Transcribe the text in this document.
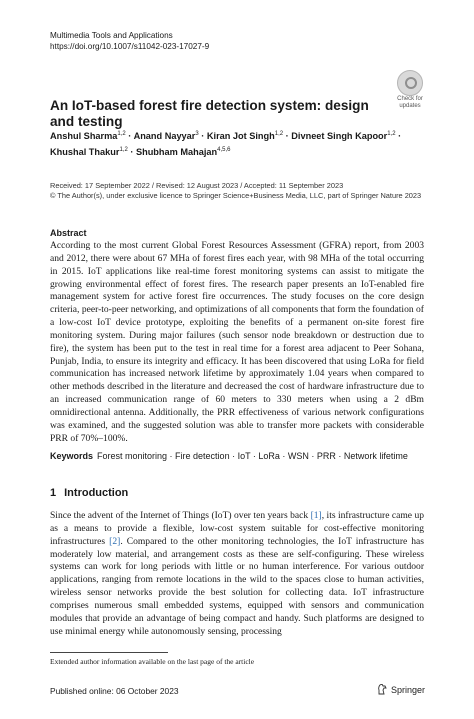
Multimedia Tools and Applications
https://doi.org/10.1007/s11042-023-17027-9
Check for
updates
An IoT-based forest fire detection system: design and testing
Anshul Sharma$^{1,2}$ · Anand Nayyar$^3$ · Kiran Jot Singh$^{1,2}$ · Divneet Singh Kapoor$^{1,2}$ ·
Khushal Thakur$^{1,2}$ · Shubham Mahajan$^{4,5,6}$
Received: 17 September 2022 / Revised: 12 August 2023 / Accepted: 11 September 2023
© The Author(s), under exclusive licence to Springer Science+Business Media, LLC, part of Springer Nature 2023
Abstract
According to the most current Global Forest Resources Assessment (GFRA) report, from 2003 and 2012, there were about 67 MHa of forest fires each year, with 98 MHa of the total occurring in 2015. IoT applications like real-time forest monitoring systems can assist to mitigate the growing environmental effect of forest fires. The research paper presents an IoT-enabled fire management system for active forest fire occurrences. The study focuses on the core design criteria, peer-to-peer networking, and optimizations of all components that form the foundation of a low-cost IoT device prototype, exploiting the benefits of a permanent on-site forest fire monitoring system. During major failures (such sensor node breakdown or destruction due to fire), the system has been put to the test in real time for a forest area adjacent to Peer Sohana, Punjab, India, to ensure its integrity and efficacy. It has been discovered that using LoRa for field communication has increased network lifetime by approximately 1.04 years when compared to other methods described in the literature and decreased the cost of hardware infrastructure due to an increased communication range of 60 meters to 330 meters when using a 2 dBm omnidirectional antenna. Additionally, the PRR effectiveness of various network configurations was examined, and the suggested solution was able to transfer more packets with considerable PRR of 70%–100%.
Keywords Forest monitoring · Fire detection · IoT · LoRa · WSN · PRR · Network lifetime
1 Introduction
Since the advent of the Internet of Things (IoT) over ten years back [1], its infrastructure came up as a means to provide a flexible, low-cost system suitable for cost-effective monitoring infrastructures [2]. Compared to the other monitoring technologies, the IoT infrastructure has moderately low material, and arrangement costs as these are self-configuring. These wireless systems can work for long periods with little or no human interference. For various outdoor applications, ranging from remote locations in the wild to the spaces close to human activities, wireless sensor networks provide the best solution for collecting data. IoT infrastructure comprises numerous small embedded systems, equipped with sensors and communication modules that provide an advantage of being compact and handy. Such platforms are designed to use minimal energy while autonomously sensing, processing
Extended author information available on the last page of the article
Published online: 06 October 2023	Springer
